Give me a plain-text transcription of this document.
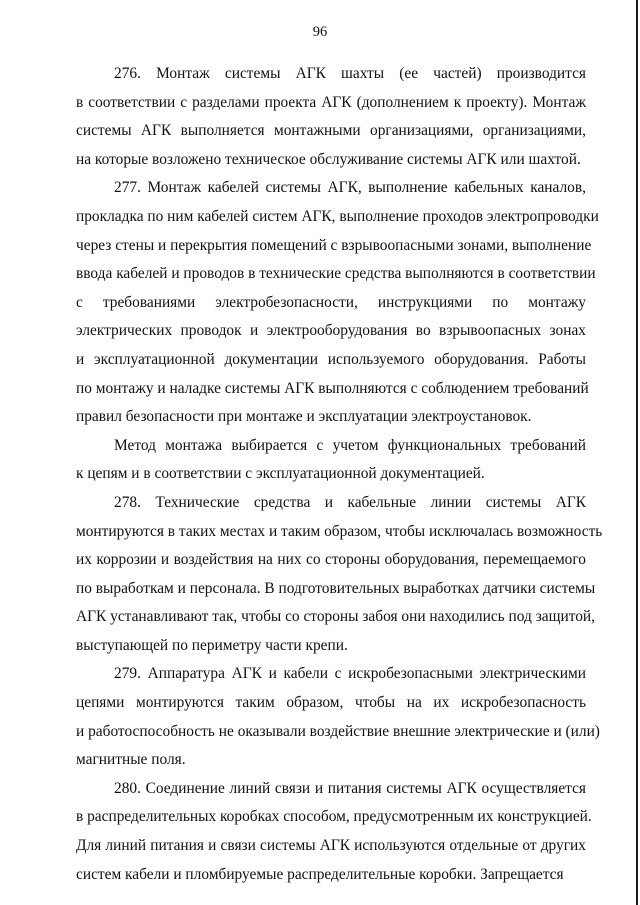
96

276. Монтаж системы АГК шахты (ее частей) производится
в соответствии с разделами проекта АГК (дополнением к проекту). Монтаж
системы АГК выполняется монтажными организациями, организациями,
на которые возложено техническое обслуживание системы АГК или шахтой.

277. Монтаж кабелей системы АГК, выполнение кабельных каналов,
прокладка по ним кабелей систем АГК, выполнение проходов электропроводки
через стены и перекрытия помещений с взрывоопасными зонами, выполнение
ввода кабелей и проводов в технические средства выполняются в соответствии
с требованиями электробезопасности, инструкциями по монтажу
электрических проводок и электрооборудования во взрывоопасных зонах
и эксплуатационной документации используемого оборудования. Работы
по монтажу и наладке системы АГК выполняются с соблюдением требований
правил безопасности при монтаже и эксплуатации электроустановок.

Метод монтажа выбирается с учетом функциональных требований
к цепям и в соответствии с эксплуатационной документацией.

278. Технические средства и кабельные линии системы АГК
монтируются в таких местах и таким образом, чтобы исключалась возможность
их коррозии и воздействия на них со стороны оборудования, перемещаемого
по выработкам и персонала. В подготовительных выработках датчики системы
АГК устанавливают так, чтобы со стороны забоя они находились под защитой,
выступающей по периметру части крепи.

279. Аппаратура АГК и кабели с искробезопасными электрическими
цепями монтируются таким образом, чтобы на их искробезопасность
и работоспособность не оказывали воздействие внешние электрические и (или)
магнитные поля.

280. Соединение линий связи и питания системы АГК осуществляется
в распределительных коробках способом, предусмотренным их конструкцией.
Для линий питания и связи системы АГК используются отдельные от других
систем кабели и пломбируемые распределительные коробки. Запрещается
